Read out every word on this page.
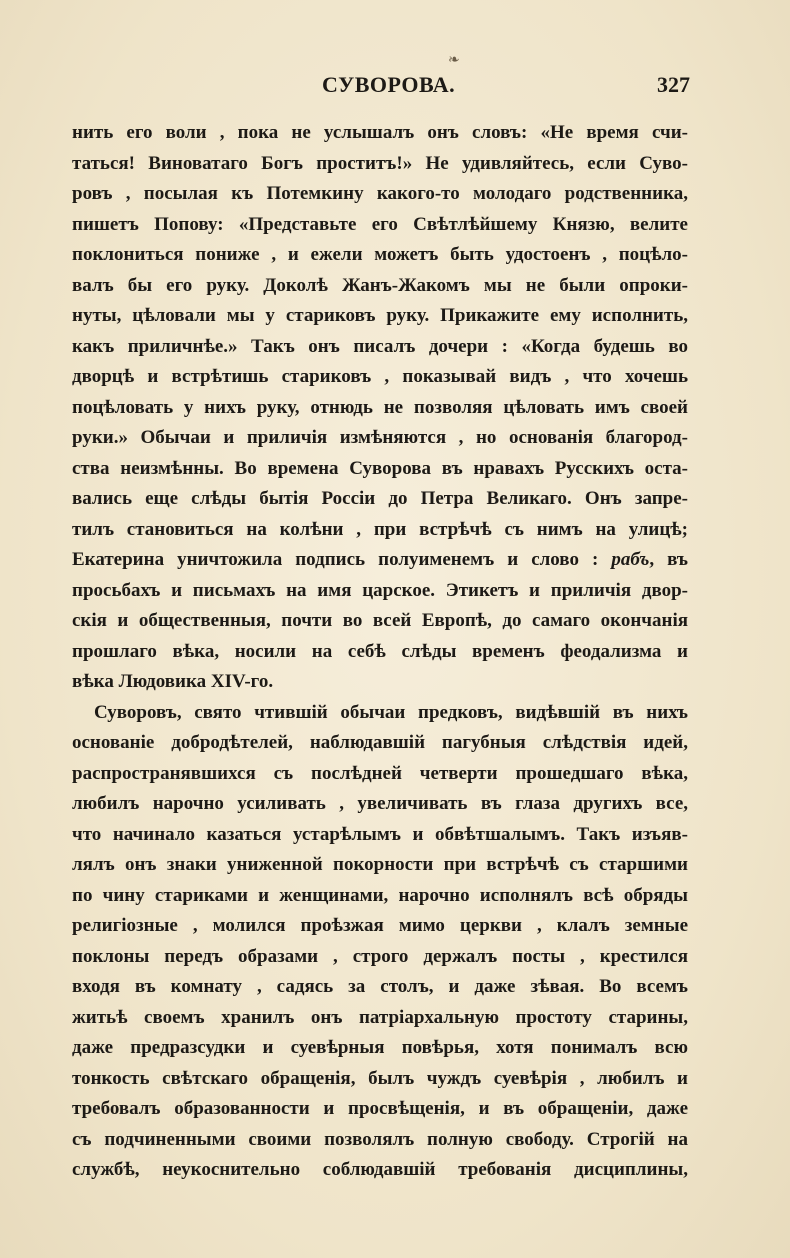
❧
СУВОРОВА.	327
нить его воли , пока не услышалъ онъ словъ: «Не время счи-
таться! Виноватаго Богъ проститъ!» Не удивляйтесь, если Суво-
ровъ , посылая къ Потемкину какого-то молодаго родственника,
пишетъ Попову: «Представьте его Свѣтлѣйшему Князю, велите
поклониться пониже , и ежели можетъ быть удостоенъ , поцѣло-
валъ бы его руку. Доколѣ Жанъ-Жакомъ мы не были опроки-
нуты, цѣловали мы у стариковъ руку. Прикажите ему исполнить,
какъ приличнѣе.» Такъ онъ писалъ дочери : «Когда будешь во
дворцѣ и встрѣтишь стариковъ , показывай видъ , что хочешь
поцѣловать у нихъ руку, отнюдь не позволяя цѣловать имъ своей
руки.» Обычаи и приличія измѣняются , но основанія благород-
ства неизмѣнны. Во времена Суворова въ нравахъ Русскихъ оста-
вались еще слѣды бытія Россіи до Петра Великаго. Онъ запре-
тилъ становиться на колѣни , при встрѣчѣ съ нимъ на улицѣ;
Екатерина уничтожила подпись полуименемъ и слово : рабъ, въ
просьбахъ и письмахъ на имя царское. Этикетъ и приличія двор-
скія и общественныя, почти во всей Европѣ, до самаго окончанія
прошлаго вѣка, носили на себѣ слѣды временъ феодализма и
вѣка Людовика XIV-го.
Суворовъ, свято чтившій обычаи предковъ, видѣвшій въ нихъ
основаніе добродѣтелей, наблюдавшій пагубныя слѣдствія идей,
распространявшихся съ послѣдней четверти прошедшаго вѣка,
любилъ нарочно усиливать , увеличивать въ глаза другихъ все,
что начинало казаться устарѣлымъ и обвѣтшалымъ. Такъ изъяв-
лялъ онъ знаки униженной покорности при встрѣчѣ съ старшими
по чину стариками и женщинами, нарочно исполнялъ всѣ обряды
религіозные , молился проѣзжая мимо церкви , клалъ земные
поклоны передъ образами , строго держалъ посты , крестился
входя въ комнату , садясь за столъ, и даже зѣвая. Во всемъ
житьѣ своемъ хранилъ онъ патріархальную простоту старины,
даже предразсудки и суевѣрныя повѣрья, хотя понималъ всю
тонкость свѣтскаго обращенія, былъ чуждъ суевѣрія , любилъ и
требовалъ образованности и просвѣщенія, и въ обращеніи, даже
съ подчиненными своими позволялъ полную свободу. Строгій на
службѣ, неукоснительно соблюдавшій требованія дисциплины,
